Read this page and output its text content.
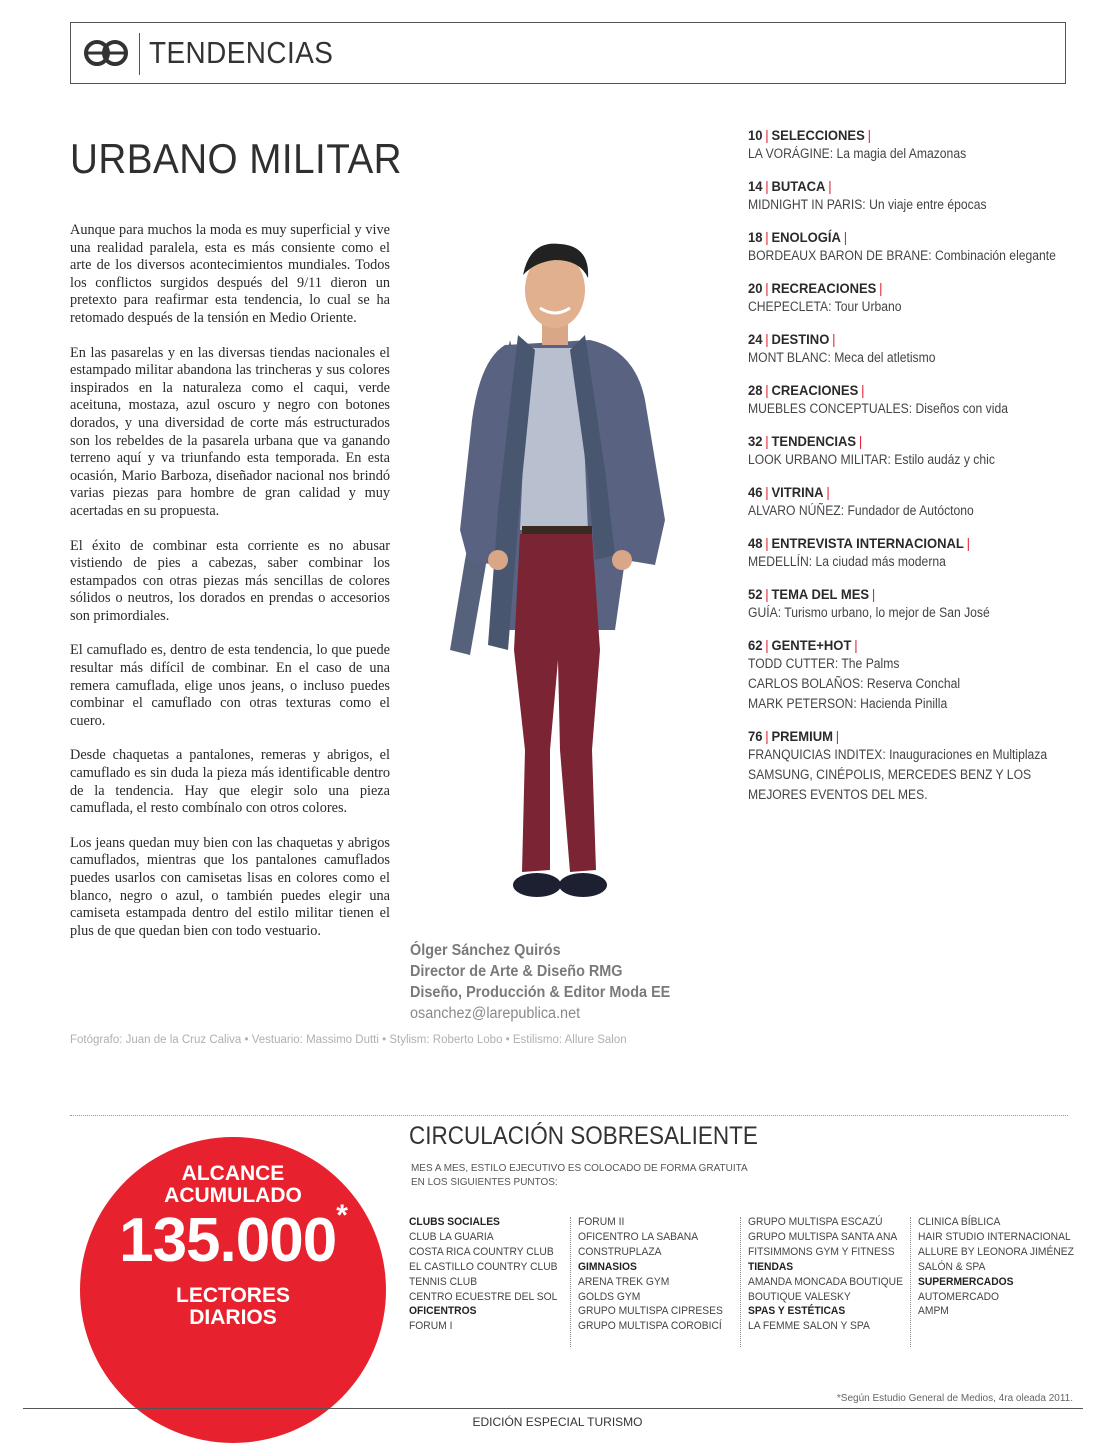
TENDENCIAS
URBANO MILITAR

Aunque para muchos la moda es muy superficial y vive una realidad paralela, esta es más consiente como el arte de los diversos acontecimientos mundiales. Todos los conflictos surgidos después del 9/11 dieron un pretexto para reafirmar esta tendencia, lo cual se ha retomado después de la tensión en Medio Oriente.

En las pasarelas y en las diversas tiendas nacionales el estampado militar abandona las trincheras y sus colores inspirados en la naturaleza como el caqui, verde aceituna, mostaza, azul oscuro y negro con botones dorados, y una diversidad de corte más estructurados son los rebeldes de la pasarela urbana que va ganando terreno aquí y va triunfando esta temporada. En esta ocasión, Mario Barboza, diseñador nacional nos brindó varias piezas para hombre de gran calidad y muy acertadas en su propuesta.

El éxito de combinar esta corriente es no abusar vistiendo de pies a cabezas, saber combinar los estampados con otras piezas más sencillas de colores sólidos o neutros, los dorados en prendas o accesorios son primordiales.

El camuflado es, dentro de esta tendencia, lo que puede resultar más difícil de combinar. En el caso de una remera camuflada, elige unos jeans, o incluso puedes combinar el camuflado con otras texturas como el cuero.

Desde chaquetas a pantalones, remeras y abrigos, el camuflado es sin duda la pieza más identificable dentro de la tendencia. Hay que elegir solo una pieza camuflada, el resto combínalo con otros colores.

Los jeans quedan muy bien con las chaquetas y abrigos camuflados, mientras que los pantalones camuflados puedes usarlos con camisetas lisas en colores como el blanco, negro o azul, o también puedes elegir una camiseta estampada dentro del estilo militar tienen el plus de que quedan bien con todo vestuario.

Ólger Sánchez Quirós
Director de Arte & Diseño RMG
Diseño, Producción & Editor Moda EE
osanchez@larepublica.net
Fotógrafo: Juan de la Cruz Caliva • Vestuario: Massimo Dutti • Stylism: Roberto Lobo • Estilismo: Allure Salon
10 | SELECCIONES |
LA VORÁGINE: La magia del Amazonas
14 | BUTACA |
MIDNIGHT IN PARIS: Un viaje entre épocas
18 | ENOLOGÍA |
BORDEAUX BARON DE BRANE: Combinación elegante
20 | RECREACIONES |
CHEPECLETA: Tour Urbano
24 | DESTINO |
MONT BLANC: Meca del atletismo
28 | CREACIONES |
MUEBLES CONCEPTUALES: Diseños con vida
32 | TENDENCIAS |
LOOK URBANO MILITAR: Estilo audáz y chic
46 | VITRINA |
ALVARO NÚÑEZ: Fundador de Autóctono
48 | ENTREVISTA INTERNACIONAL |
MEDELLÍN: La ciudad más moderna
52 | TEMA DEL MES |
GUÍA: Turismo urbano, lo mejor de San José
62 | GENTE+HOT |
TODD CUTTER: The Palms
CARLOS BOLAÑOS: Reserva Conchal
MARK PETERSON: Hacienda Pinilla
76 | PREMIUM |
FRANQUICIAS INDITEX: Inauguraciones en Multiplaza
SAMSUNG, CINÉPOLIS, MERCEDES BENZ Y LOS
MEJORES EVENTOS DEL MES.
CIRCULACIÓN SOBRESALIENTE
MES A MES, ESTILO EJECUTIVO ES COLOCADO DE FORMA GRATUITA
EN LOS SIGUIENTES PUNTOS:
ALCANCE
ACUMULADO
135.000*
LECTORES
DIARIOS
CLUBS SOCIALES
CLUB LA GUARIA
COSTA RICA COUNTRY CLUB
EL CASTILLO COUNTRY CLUB
TENNIS CLUB
CENTRO ECUESTRE DEL SOL
OFICENTROS
FORUM I
FORUM II
OFICENTRO LA SABANA
CONSTRUPLAZA
GIMNASIOS
ARENA TREK GYM
GOLDS GYM
GRUPO MULTISPA CIPRESES
GRUPO MULTISPA COROBICÍ
GRUPO MULTISPA ESCAZÚ
GRUPO MULTISPA SANTA ANA
FITSIMMONS GYM Y FITNESS
TIENDAS
AMANDA MONCADA BOUTIQUE
BOUTIQUE VALESKY
SPAS Y ESTÉTICAS
LA FEMME SALON Y SPA
CLINICA BÍBLICA
HAIR STUDIO INTERNACIONAL
ALLURE BY LEONORA JIMÉNEZ
SALÓN & SPA
SUPERMERCADOS
AUTOMERCADO
AMPM
*Según Estudio General de Medios, 4ra oleada 2011.
EDICIÓN ESPECIAL TURISMO
